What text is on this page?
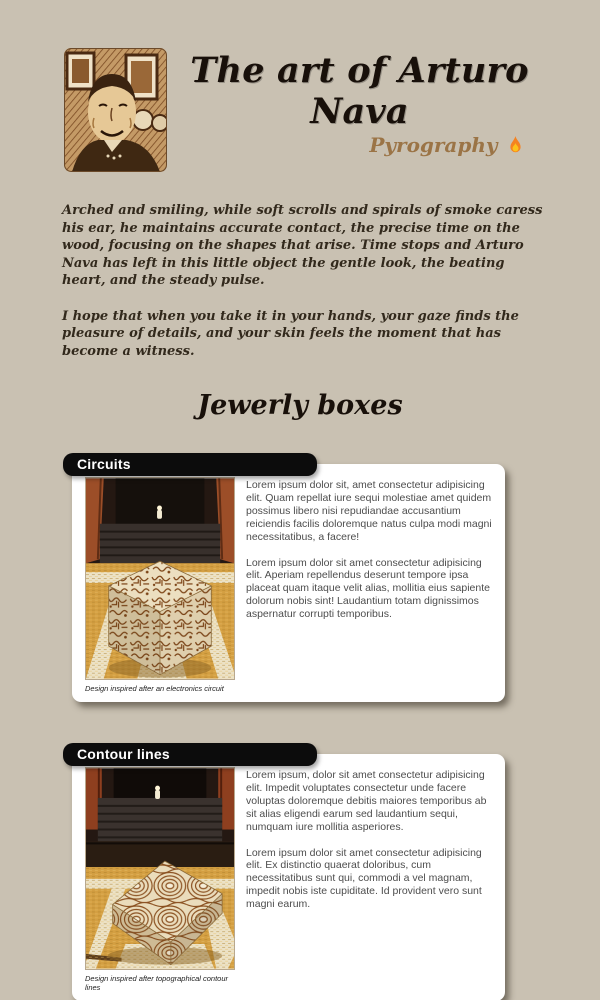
The art of Arturo
Nava
Pyrography

Arched and smiling, while soft scrolls and spirals of smoke caress his ear, he maintains accurate contact, the precise time on the wood, focusing on the shapes that arise. Time stops and Arturo Nava has left in this little object the gentle look, the beating heart, and the steady pulse.

I hope that when you take it in your hands, your gaze finds the pleasure of details, and your skin feels the moment that has become a witness.

Jewerly boxes
Circuits
Design inspired after an electronics circuit

Lorem ipsum dolor sit, amet consectetur adipisicing elit. Quam repellat iure sequi molestiae amet quidem possimus libero nisi repudiandae accusantium reiciendis facilis doloremque natus culpa modi magni necessitatibus, a facere!

Lorem ipsum dolor sit amet consectetur adipisicing elit. Aperiam repellendus deserunt tempore ipsa placeat quam itaque velit alias, mollitia eius sapiente dolorum nobis sint! Laudantium totam dignissimos aspernatur corrupti temporibus.

Contour lines
Design inspired after topographical contour lines

Lorem ipsum, dolor sit amet consectetur adipisicing elit. Impedit voluptates consectetur unde facere voluptas doloremque debitis maiores temporibus ab sit alias eligendi earum sed laudantium sequi, numquam iure mollitia asperiores.

Lorem ipsum dolor sit amet consectetur adipisicing elit. Ex distinctio quaerat doloribus, cum necessitatibus sunt qui, commodi a vel magnam, impedit nobis iste cupiditate. Id provident vero sunt magni earum.
